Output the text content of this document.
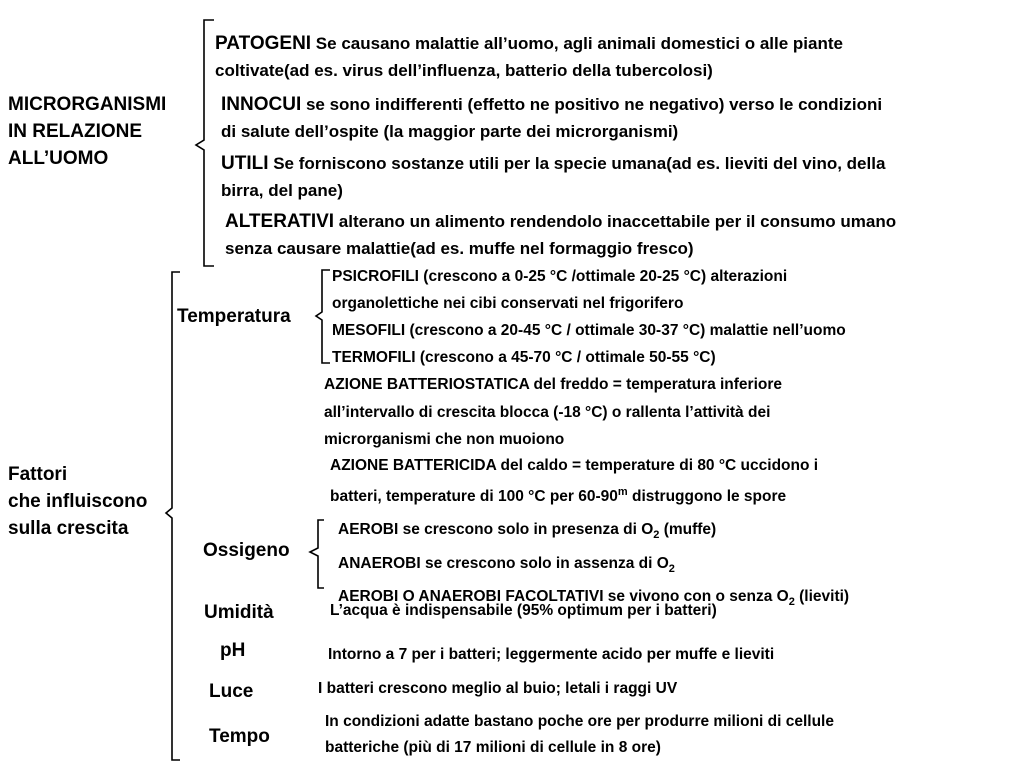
MICRORGANISMI
IN RELAZIONE
ALL’UOMO
PATOGENI Se causano malattie all’uomo, agli animali domestici o alle piante
coltivate(ad es. virus dell’influenza, batterio della tubercolosi)
INNOCUI se sono indifferenti (effetto ne positivo ne negativo) verso le condizioni
di salute dell’ospite (la maggior parte dei microrganismi)
UTILI Se forniscono sostanze utili per la specie umana(ad es. lieviti del vino, della
birra, del pane)
ALTERATIVI alterano un alimento rendendolo inaccettabile per il consumo umano
senza causare malattie(ad es. muffe nel formaggio fresco)
Fattori
che influiscono
sulla crescita
Temperatura
PSICROFILI (crescono a 0-25 °C /ottimale 20-25 °C) alterazioni
organolettiche nei cibi conservati nel frigorifero
MESOFILI (crescono a 20-45 °C / ottimale 30-37 °C) malattie nell’uomo
TERMOFILI (crescono a 45-70 °C / ottimale 50-55 °C)
AZIONE BATTERIOSTATICA del freddo = temperatura inferiore
all’intervallo di crescita blocca (-18 °C) o rallenta l’attività dei
microrganismi che non muoiono
AZIONE BATTERICIDA del caldo = temperature di 80 °C uccidono i
batteri, temperature di 100 °C per 60-90$^m$ distruggono le spore
Ossigeno
AEROBI se crescono solo in presenza di $O_2$ (muffe)
ANAEROBI se crescono solo in assenza di $O_2$
AEROBI O ANAEROBI FACOLTATIVI se vivono con o senza $O_2$ (lieviti)
Umidità	L’acqua è indispensabile (95% optimum per i batteri)
pH	Intorno a 7 per i batteri; leggermente acido per muffe e lieviti
Luce	I batteri crescono meglio al buio; letali i raggi UV
Tempo
In condizioni adatte bastano poche ore per produrre milioni di cellule
batteriche (più di 17 milioni di cellule in 8 ore)
